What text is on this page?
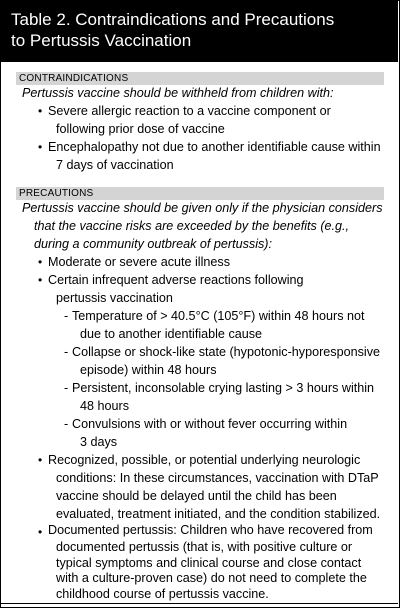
Table 2. Contraindications and Precautions
to Pertussis Vaccination
CONTRAINDICATIONS
Pertussis vaccine should be withheld from children with:
• Severe allergic reaction to a vaccine component or
following prior dose of vaccine
• Encephalopathy not due to another identifiable cause within
7 days of vaccination
PRECAUTIONS
Pertussis vaccine should be given only if the physician considers
that the vaccine risks are exceeded by the benefits (e.g.,
during a community outbreak of pertussis):
• Moderate or severe acute illness
• Certain infrequent adverse reactions following
pertussis vaccination
- Temperature of > 40.5°C (105°F) within 48 hours not
due to another identifiable cause
- Collapse or shock-like state (hypotonic-hyporesponsive
episode) within 48 hours
- Persistent, inconsolable crying lasting > 3 hours within
48 hours
- Convulsions with or without fever occurring within
3 days
• Recognized, possible, or potential underlying neurologic
conditions: In these circumstances, vaccination with DTaP
vaccine should be delayed until the child has been
evaluated, treatment initiated, and the condition stabilized.
• Documented pertussis: Children who have recovered from
documented pertussis (that is, with positive culture or
typical symptoms and clinical course and close contact
with a culture-proven case) do not need to complete the
childhood course of pertussis vaccine.
